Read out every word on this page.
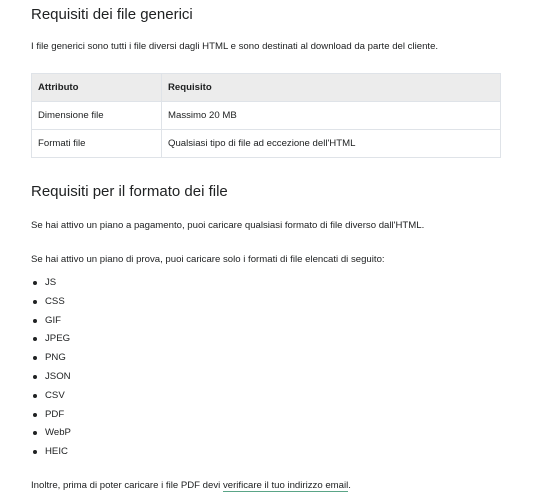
Requisiti dei file generici

I file generici sono tutti i file diversi dagli HTML e sono destinati al download da parte del cliente.

Attributo	Requisito
Dimensione file	Massimo 20 MB
Formati file	Qualsiasi tipo di file ad eccezione dell'HTML
Requisiti per il formato dei file

Se hai attivo un piano a pagamento, puoi caricare qualsiasi formato di file diverso dall'HTML.

Se hai attivo un piano di prova, puoi caricare solo i formati di file elencati di seguito:

JS
CSS
GIF
JPEG
PNG
JSON
CSV
PDF
WebP
HEIC

Inoltre, prima di poter caricare i file PDF devi verificare il tuo indirizzo email.
